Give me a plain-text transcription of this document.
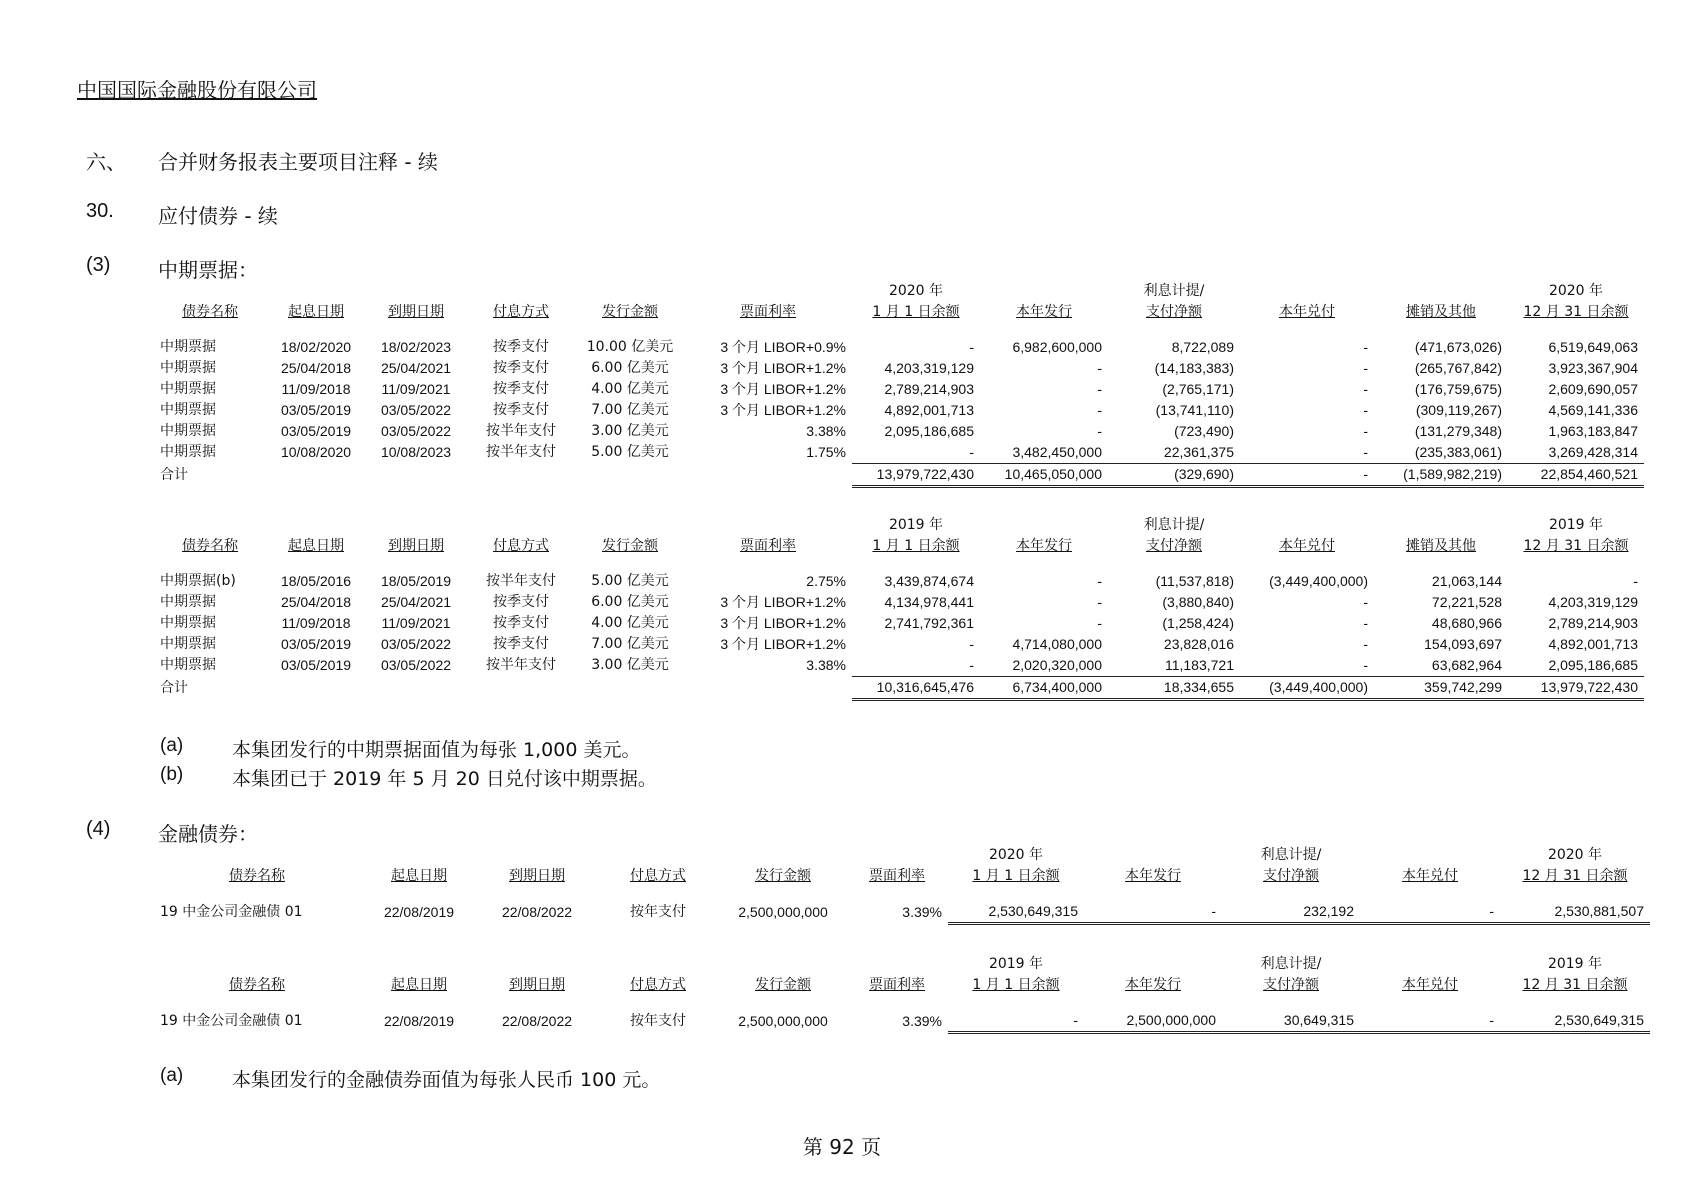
中国国际金融股份有限公司
六、 合并财务报表主要项目注释 - 续
30. 应付债券 - 续
(3) 中期票据：
						2020 年		利息计提/			2020 年
债券名称	起息日期	到期日期	付息方式	发行金额	票面利率	1 月 1 日余额	本年发行	支付净额	本年兑付	摊销及其他	12 月 31 日余额

中期票据	18/02/2020	18/02/2023	按季支付	10.00 亿美元	3 个月 LIBOR+0.9%	-	6,982,600,000	8,722,089	-	(471,673,026)	6,519,649,063
中期票据	25/04/2018	25/04/2021	按季支付	6.00 亿美元	3 个月 LIBOR+1.2%	4,203,319,129	-	(14,183,383)	-	(265,767,842)	3,923,367,904
中期票据	11/09/2018	11/09/2021	按季支付	4.00 亿美元	3 个月 LIBOR+1.2%	2,789,214,903	-	(2,765,171)	-	(176,759,675)	2,609,690,057
中期票据	03/05/2019	03/05/2022	按季支付	7.00 亿美元	3 个月 LIBOR+1.2%	4,892,001,713	-	(13,741,110)	-	(309,119,267)	4,569,141,336
中期票据	03/05/2019	03/05/2022	按半年支付	3.00 亿美元	3.38%	2,095,186,685	-	(723,490)	-	(131,279,348)	1,963,183,847
中期票据	10/08/2020	10/08/2023	按半年支付	5.00 亿美元	1.75%	-	3,482,450,000	22,361,375	-	(235,383,061)	3,269,428,314
合计						13,979,722,430	10,465,050,000	(329,690)	-	(1,589,982,219)	22,854,460,521
						2019 年		利息计提/			2019 年
债券名称	起息日期	到期日期	付息方式	发行金额	票面利率	1 月 1 日余额	本年发行	支付净额	本年兑付	摊销及其他	12 月 31 日余额

中期票据(b)	18/05/2016	18/05/2019	按半年支付	5.00 亿美元	2.75%	3,439,874,674	-	(11,537,818)	(3,449,400,000)	21,063,144	-
中期票据	25/04/2018	25/04/2021	按季支付	6.00 亿美元	3 个月 LIBOR+1.2%	4,134,978,441	-	(3,880,840)	-	72,221,528	4,203,319,129
中期票据	11/09/2018	11/09/2021	按季支付	4.00 亿美元	3 个月 LIBOR+1.2%	2,741,792,361	-	(1,258,424)	-	48,680,966	2,789,214,903
中期票据	03/05/2019	03/05/2022	按季支付	7.00 亿美元	3 个月 LIBOR+1.2%	-	4,714,080,000	23,828,016	-	154,093,697	4,892,001,713
中期票据	03/05/2019	03/05/2022	按半年支付	3.00 亿美元	3.38%	-	2,020,320,000	11,183,721	-	63,682,964	2,095,186,685
合计						10,316,645,476	6,734,400,000	18,334,655	(3,449,400,000)	359,742,299	13,979,722,430
(a)	本集团发行的中期票据面值为每张 1,000 美元。
(b)	本集团已于 2019 年 5 月 20 日兑付该中期票据。
(4) 金融债券：
						2020 年		利息计提/		2020 年
债券名称	起息日期	到期日期	付息方式	发行金额	票面利率	1 月 1 日余额	本年发行	支付净额	本年兑付	12 月 31 日余额

19 中金公司金融债 01	22/08/2019	22/08/2022	按年支付	2,500,000,000	3.39%	2,530,649,315	-	232,192	-	2,530,881,507
						2019 年		利息计提/		2019 年
债券名称	起息日期	到期日期	付息方式	发行金额	票面利率	1 月 1 日余额	本年发行	支付净额	本年兑付	12 月 31 日余额

19 中金公司金融债 01	22/08/2019	22/08/2022	按年支付	2,500,000,000	3.39%	-	2,500,000,000	30,649,315	-	2,530,649,315
(a)	本集团发行的金融债券面值为每张人民币 100 元。
第 92 页
